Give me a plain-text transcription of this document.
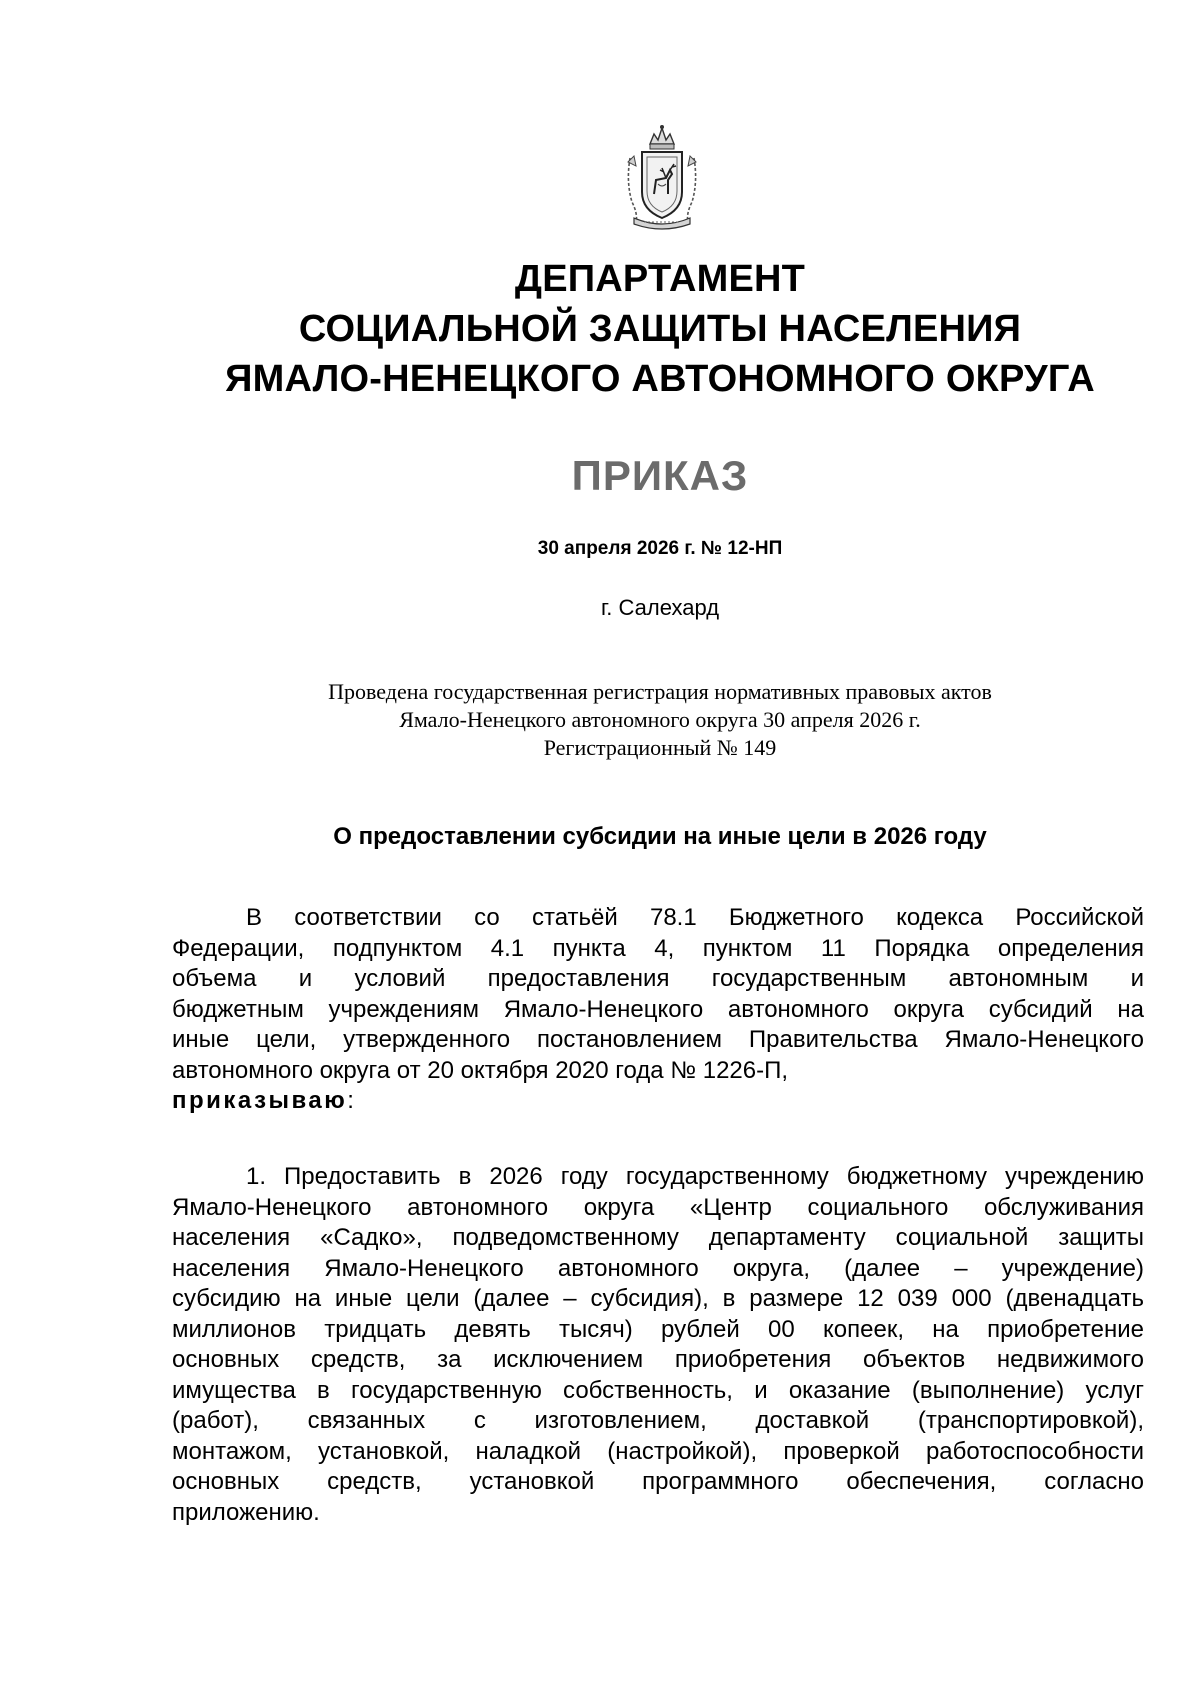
ДЕПАРТАМЕНТ
СОЦИАЛЬНОЙ ЗАЩИТЫ НАСЕЛЕНИЯ
ЯМАЛО-НЕНЕЦКОГО АВТОНОМНОГО ОКРУГА
ПРИКАЗ
30 апреля 2026 г. № 12-НП
г. Салехард
Проведена государственная регистрация нормативных правовых актов
Ямало-Ненецкого автономного округа 30 апреля 2026 г.
Регистрационный № 149
О предоставлении субсидии на иные цели в 2026 году
В соответствии со статьёй 78.1 Бюджетного кодекса Российской
Федерации, подпунктом 4.1 пункта 4, пунктом 11 Порядка определения
объема и условий предоставления государственным автономным и
бюджетным учреждениям Ямало-Ненецкого автономного округа субсидий на
иные цели, утвержденного постановлением Правительства Ямало-Ненецкого
автономного округа от 20 октября 2020 года № 1226-П,
приказываю:
1. Предоставить в 2026 году государственному бюджетному учреждению
Ямало-Ненецкого автономного округа «Центр социального обслуживания
населения «Садко», подведомственному департаменту социальной защиты
населения Ямало-Ненецкого автономного округа, (далее – учреждение)
субсидию на иные цели (далее – субсидия), в размере 12 039 000 (двенадцать
миллионов тридцать девять тысяч) рублей 00 копеек, на приобретение
основных средств, за исключением приобретения объектов недвижимого
имущества в государственную собственность, и оказание (выполнение) услуг
(работ), связанных с изготовлением, доставкой (транспортировкой),
монтажом, установкой, наладкой (настройкой), проверкой работоспособности
основных средств, установкой программного обеспечения, согласно
приложению.
